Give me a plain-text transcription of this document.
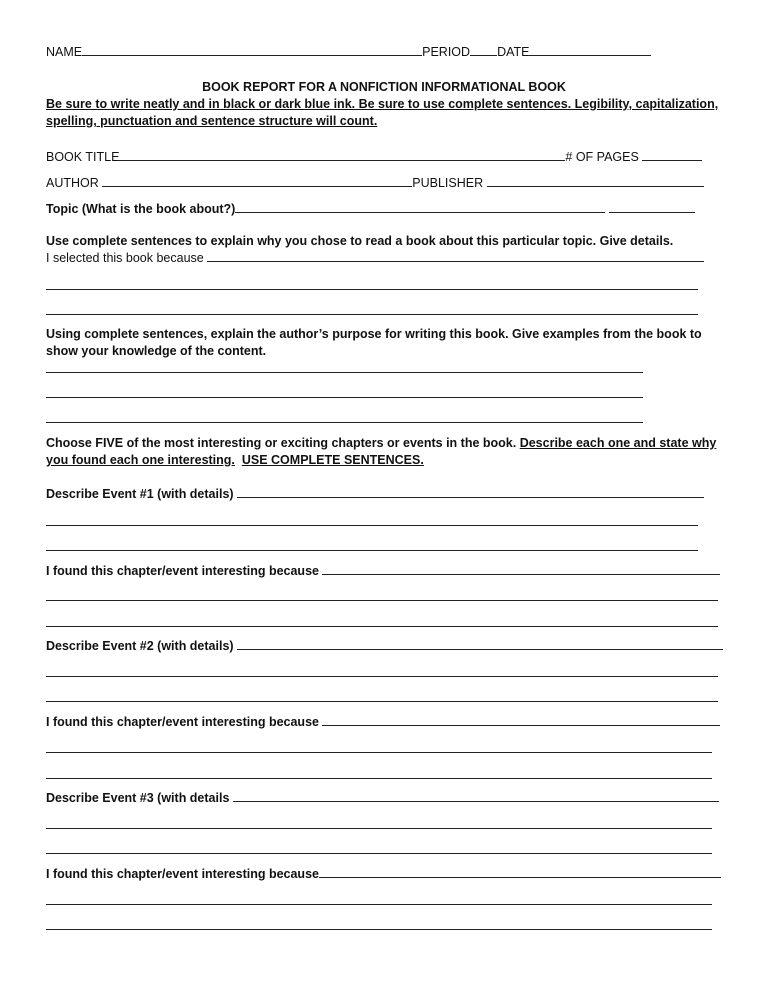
NAME	PERIOD DATE
BOOK REPORT FOR A NONFICTION INFORMATIONAL BOOK
Be sure to write neatly and in black or dark blue ink. Be sure to use complete sentences. Legibility, capitalization, spelling, punctuation and sentence structure will count.
BOOK TITLE	# OF PAGES
AUTHOR	PUBLISHER
Topic (What is the book about?)
Use complete sentences to explain why you chose to read a book about this particular topic. Give details.
I selected this book because
Using complete sentences, explain the author’s purpose for writing this book. Give examples from the book to show your knowledge of the content.
Choose FIVE of the most interesting or exciting chapters or events in the book. Describe each one and state why you found each one interesting. USE COMPLETE SENTENCES.
Describe Event #1 (with details)
I found this chapter/event interesting because
Describe Event #2 (with details)
I found this chapter/event interesting because
Describe Event #3 (with details
I found this chapter/event interesting because
